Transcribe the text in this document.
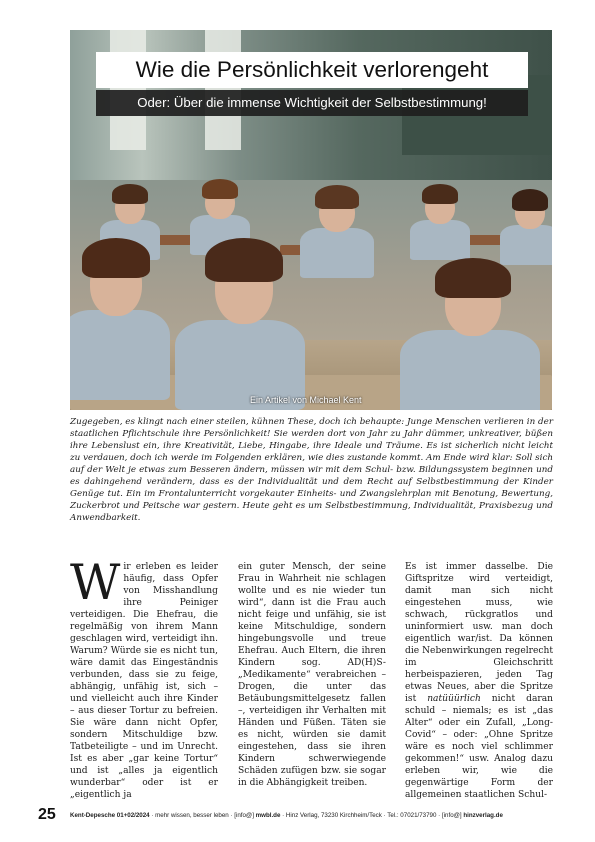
Wie die Persönlichkeit verlorengeht
Oder: Über die immense Wichtigkeit der Selbstbestimmung!
Ein Artikel von Michael Kent

Zugegeben, es klingt nach einer steilen, kühnen These, doch ich behaupte: Junge Menschen verlieren in der staatlichen Pflichtschule ihre Persönlichkeit! Sie werden dort von Jahr zu Jahr dümmer, unkreativer, büßen ihre Lebenslust ein, ihre Kreativität, Liebe, Hingabe, ihre Ideale und Träume. Es ist sicherlich nicht leicht zu verdauen, doch ich werde im Folgenden erklären, wie dies zustande kommt. Am Ende wird klar: Soll sich auf der Welt je etwas zum Besseren ändern, müssen wir mit dem Schul- bzw. Bildungssystem beginnen und es dahingehend verändern, dass es der Individualität und dem Recht auf Selbstbestimmung der Kinder Genüge tut. Ein im Frontalunterricht vorgekauter Einheits- und Zwangslehrplan mit Benotung, Bewertung, Zuckerbrot und Peitsche war gestern. Heute geht es um Selbstbestimmung, Individualität, Praxisbezug und Anwendbarkeit.

Wir erleben es leider häufig, dass Opfer von Misshandlung ihre Peiniger verteidigen. Die Ehefrau, die regelmäßig von ihrem Mann geschlagen wird, verteidigt ihn. Warum? Würde sie es nicht tun, wäre damit das Eingeständnis verbunden, dass sie zu feige, abhängig, unfähig ist, sich – und vielleicht auch ihre Kinder – aus dieser Tortur zu befreien. Sie wäre dann nicht Opfer, sondern Mitschuldige bzw. Tatbeteiligte – und im Unrecht. Ist es aber „gar keine Tortur“ und ist „alles ja eigentlich wunderbar“ oder ist er „eigentlich ja

ein guter Mensch, der seine Frau in Wahrheit nie schlagen wollte und es nie wieder tun wird“, dann ist die Frau auch nicht feige und unfähig, sie ist keine Mitschuldige, sondern hingebungsvolle und treue Ehefrau. Auch Eltern, die ihren Kindern sog. AD(H)S-„Medikamente“ verabreichen – Drogen, die unter das Betäubungsmittelgesetz fallen –, verteidigen ihr Verhalten mit Händen und Füßen. Täten sie es nicht, würden sie damit eingestehen, dass sie ihren Kindern schwerwiegende Schäden zufügen bzw. sie sogar in die Abhängigkeit treiben.

Es ist immer dasselbe. Die Giftspritze wird verteidigt, damit man sich nicht eingestehen muss, wie schwach, rückgratlos und uninformiert usw. man doch eigentlich war/ist. Da können die Nebenwirkungen regelrecht im Gleichschritt herbeispazieren, jeden Tag etwas Neues, aber die Spritze ist natüüürlich nicht daran schuld – niemals; es ist „das Alter“ oder ein Zufall, „Long-Covid“ – oder: „Ohne Spritze wäre es noch viel schlimmer gekommen!“ usw. Analog dazu erleben wir, wie die gegenwärtige Form der allgemeinen staatlichen Schul-

25 Kent-Depesche 01+02/2024 · mehr wissen, besser leben · [info@] mwbl.de · Hinz Verlag, 73230 Kirchheim/Teck · Tel.: 07021/73790 · [info@] hinzverlag.de
